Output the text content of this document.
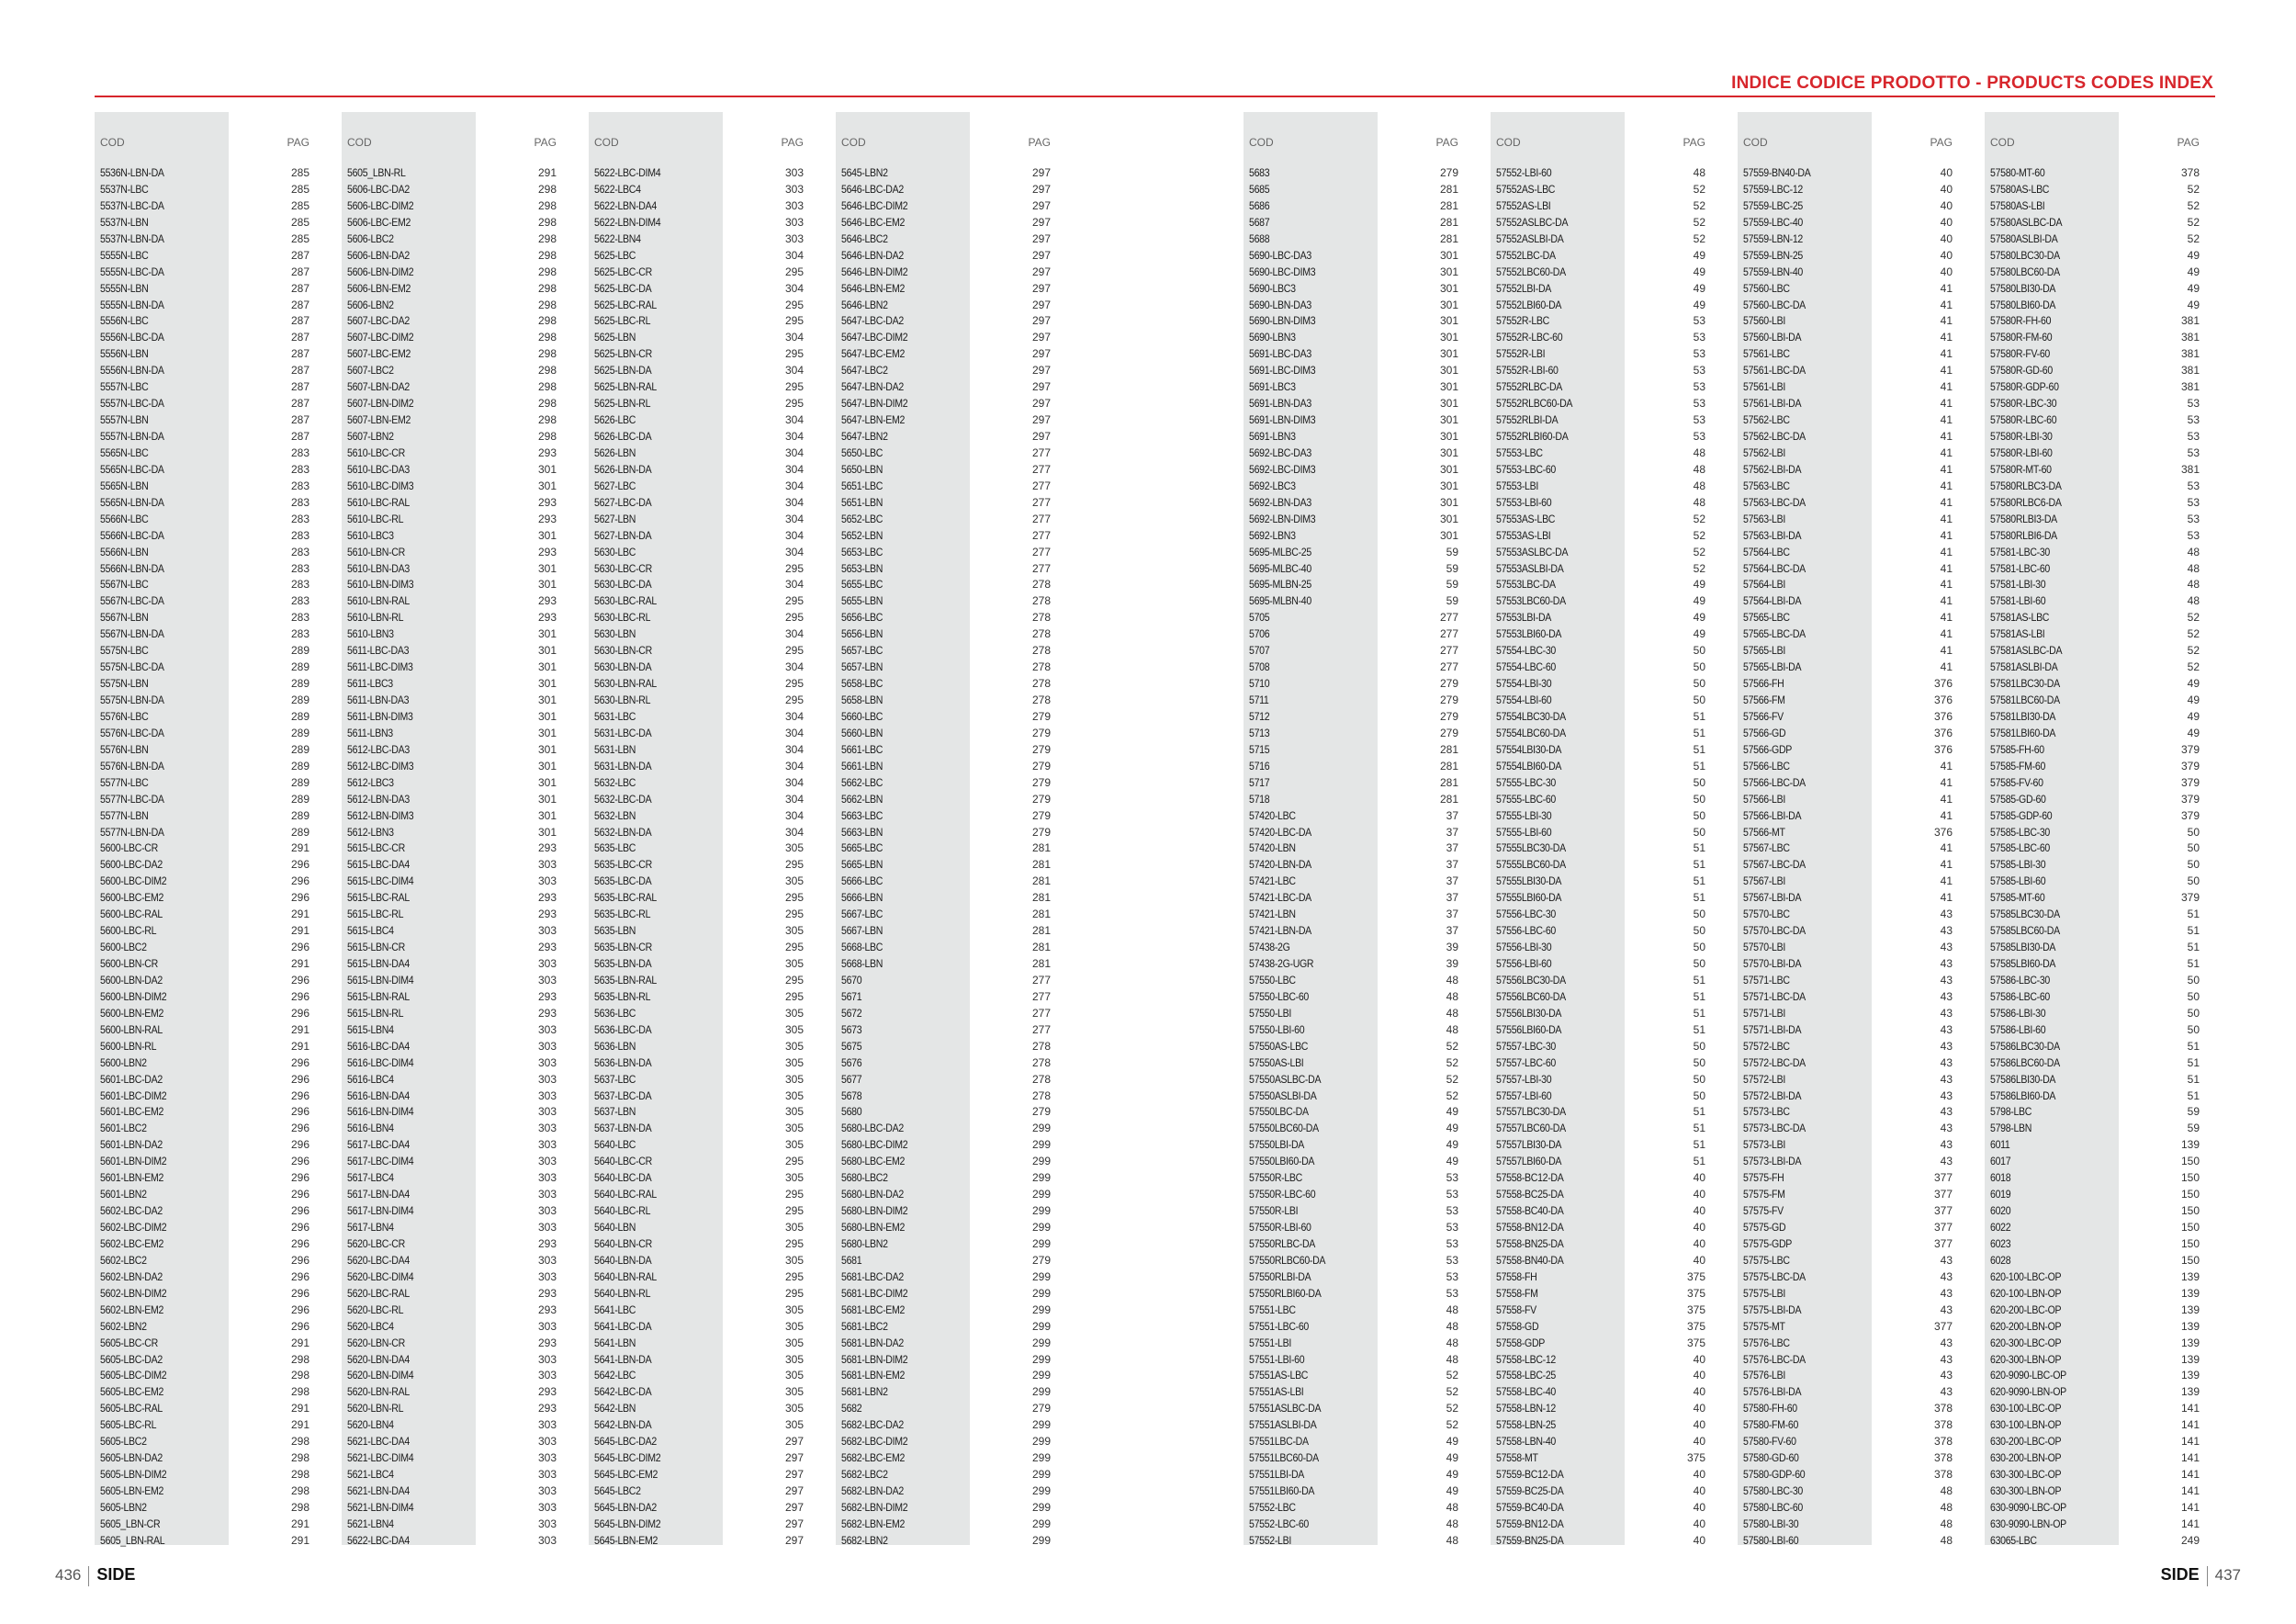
INDICE CODICE PRODOTTO - PRODUCTS CODES INDEX
COD	PAG
5536N-LBN-DA	285
5537N-LBC	285
5537N-LBC-DA	285
5537N-LBN	285
5537N-LBN-DA	285
5555N-LBC	287
5555N-LBC-DA	287
5555N-LBN	287
5555N-LBN-DA	287
5556N-LBC	287
5556N-LBC-DA	287
5556N-LBN	287
5556N-LBN-DA	287
5557N-LBC	287
5557N-LBC-DA	287
5557N-LBN	287
5557N-LBN-DA	287
5565N-LBC	283
5565N-LBC-DA	283
5565N-LBN	283
5565N-LBN-DA	283
5566N-LBC	283
5566N-LBC-DA	283
5566N-LBN	283
5566N-LBN-DA	283
5567N-LBC	283
5567N-LBC-DA	283
5567N-LBN	283
5567N-LBN-DA	283
5575N-LBC	289
5575N-LBC-DA	289
5575N-LBN	289
5575N-LBN-DA	289
5576N-LBC	289
5576N-LBC-DA	289
5576N-LBN	289
5576N-LBN-DA	289
5577N-LBC	289
5577N-LBC-DA	289
5577N-LBN	289
5577N-LBN-DA	289
5600-LBC-CR	291
5600-LBC-DA2	296
5600-LBC-DIM2	296
5600-LBC-EM2	296
5600-LBC-RAL	291
5600-LBC-RL	291
5600-LBC2	296
5600-LBN-CR	291
5600-LBN-DA2	296
5600-LBN-DIM2	296
5600-LBN-EM2	296
5600-LBN-RAL	291
5600-LBN-RL	291
5600-LBN2	296
5601-LBC-DA2	296
5601-LBC-DIM2	296
5601-LBC-EM2	296
5601-LBC2	296
5601-LBN-DA2	296
5601-LBN-DIM2	296
5601-LBN-EM2	296
5601-LBN2	296
5602-LBC-DA2	296
5602-LBC-DIM2	296
5602-LBC-EM2	296
5602-LBC2	296
5602-LBN-DA2	296
5602-LBN-DIM2	296
5602-LBN-EM2	296
5602-LBN2	296
5605-LBC-CR	291
5605-LBC-DA2	298
5605-LBC-DIM2	298
5605-LBC-EM2	298
5605-LBC-RAL	291
5605-LBC-RL	291
5605-LBC2	298
5605-LBN-DA2	298
5605-LBN-DIM2	298
5605-LBN-EM2	298
5605-LBN2	298
5605_LBN-CR	291
5605_LBN-RAL	291
COD	PAG
5605_LBN-RL	291
5606-LBC-DA2	298
5606-LBC-DIM2	298
5606-LBC-EM2	298
5606-LBC2	298
5606-LBN-DA2	298
5606-LBN-DIM2	298
5606-LBN-EM2	298
5606-LBN2	298
5607-LBC-DA2	298
5607-LBC-DIM2	298
5607-LBC-EM2	298
5607-LBC2	298
5607-LBN-DA2	298
5607-LBN-DIM2	298
5607-LBN-EM2	298
5607-LBN2	298
5610-LBC-CR	293
5610-LBC-DA3	301
5610-LBC-DIM3	301
5610-LBC-RAL	293
5610-LBC-RL	293
5610-LBC3	301
5610-LBN-CR	293
5610-LBN-DA3	301
5610-LBN-DIM3	301
5610-LBN-RAL	293
5610-LBN-RL	293
5610-LBN3	301
5611-LBC-DA3	301
5611-LBC-DIM3	301
5611-LBC3	301
5611-LBN-DA3	301
5611-LBN-DIM3	301
5611-LBN3	301
5612-LBC-DA3	301
5612-LBC-DIM3	301
5612-LBC3	301
5612-LBN-DA3	301
5612-LBN-DIM3	301
5612-LBN3	301
5615-LBC-CR	293
5615-LBC-DA4	303
5615-LBC-DIM4	303
5615-LBC-RAL	293
5615-LBC-RL	293
5615-LBC4	303
5615-LBN-CR	293
5615-LBN-DA4	303
5615-LBN-DIM4	303
5615-LBN-RAL	293
5615-LBN-RL	293
5615-LBN4	303
5616-LBC-DA4	303
5616-LBC-DIM4	303
5616-LBC4	303
5616-LBN-DA4	303
5616-LBN-DIM4	303
5616-LBN4	303
5617-LBC-DA4	303
5617-LBC-DIM4	303
5617-LBC4	303
5617-LBN-DA4	303
5617-LBN-DIM4	303
5617-LBN4	303
5620-LBC-CR	293
5620-LBC-DA4	303
5620-LBC-DIM4	303
5620-LBC-RAL	293
5620-LBC-RL	293
5620-LBC4	303
5620-LBN-CR	293
5620-LBN-DA4	303
5620-LBN-DIM4	303
5620-LBN-RAL	293
5620-LBN-RL	293
5620-LBN4	303
5621-LBC-DA4	303
5621-LBC-DIM4	303
5621-LBC4	303
5621-LBN-DA4	303
5621-LBN-DIM4	303
5621-LBN4	303
5622-LBC-DA4	303
COD	PAG
5622-LBC-DIM4	303
5622-LBC4	303
5622-LBN-DA4	303
5622-LBN-DIM4	303
5622-LBN4	303
5625-LBC	304
5625-LBC-CR	295
5625-LBC-DA	304
5625-LBC-RAL	295
5625-LBC-RL	295
5625-LBN	304
5625-LBN-CR	295
5625-LBN-DA	304
5625-LBN-RAL	295
5625-LBN-RL	295
5626-LBC	304
5626-LBC-DA	304
5626-LBN	304
5626-LBN-DA	304
5627-LBC	304
5627-LBC-DA	304
5627-LBN	304
5627-LBN-DA	304
5630-LBC	304
5630-LBC-CR	295
5630-LBC-DA	304
5630-LBC-RAL	295
5630-LBC-RL	295
5630-LBN	304
5630-LBN-CR	295
5630-LBN-DA	304
5630-LBN-RAL	295
5630-LBN-RL	295
5631-LBC	304
5631-LBC-DA	304
5631-LBN	304
5631-LBN-DA	304
5632-LBC	304
5632-LBC-DA	304
5632-LBN	304
5632-LBN-DA	304
5635-LBC	305
5635-LBC-CR	295
5635-LBC-DA	305
5635-LBC-RAL	295
5635-LBC-RL	295
5635-LBN	305
5635-LBN-CR	295
5635-LBN-DA	305
5635-LBN-RAL	295
5635-LBN-RL	295
5636-LBC	305
5636-LBC-DA	305
5636-LBN	305
5636-LBN-DA	305
5637-LBC	305
5637-LBC-DA	305
5637-LBN	305
5637-LBN-DA	305
5640-LBC	305
5640-LBC-CR	295
5640-LBC-DA	305
5640-LBC-RAL	295
5640-LBC-RL	295
5640-LBN	305
5640-LBN-CR	295
5640-LBN-DA	305
5640-LBN-RAL	295
5640-LBN-RL	295
5641-LBC	305
5641-LBC-DA	305
5641-LBN	305
5641-LBN-DA	305
5642-LBC	305
5642-LBC-DA	305
5642-LBN	305
5642-LBN-DA	305
5645-LBC-DA2	297
5645-LBC-DIM2	297
5645-LBC-EM2	297
5645-LBC2	297
5645-LBN-DA2	297
5645-LBN-DIM2	297
5645-LBN-EM2	297
COD	PAG
5645-LBN2	297
5646-LBC-DA2	297
5646-LBC-DIM2	297
5646-LBC-EM2	297
5646-LBC2	297
5646-LBN-DA2	297
5646-LBN-DIM2	297
5646-LBN-EM2	297
5646-LBN2	297
5647-LBC-DA2	297
5647-LBC-DIM2	297
5647-LBC-EM2	297
5647-LBC2	297
5647-LBN-DA2	297
5647-LBN-DIM2	297
5647-LBN-EM2	297
5647-LBN2	297
5650-LBC	277
5650-LBN	277
5651-LBC	277
5651-LBN	277
5652-LBC	277
5652-LBN	277
5653-LBC	277
5653-LBN	277
5655-LBC	278
5655-LBN	278
5656-LBC	278
5656-LBN	278
5657-LBC	278
5657-LBN	278
5658-LBC	278
5658-LBN	278
5660-LBC	279
5660-LBN	279
5661-LBC	279
5661-LBN	279
5662-LBC	279
5662-LBN	279
5663-LBC	279
5663-LBN	279
5665-LBC	281
5665-LBN	281
5666-LBC	281
5666-LBN	281
5667-LBC	281
5667-LBN	281
5668-LBC	281
5668-LBN	281
5670	277
5671	277
5672	277
5673	277
5675	278
5676	278
5677	278
5678	278
5680	279
5680-LBC-DA2	299
5680-LBC-DIM2	299
5680-LBC-EM2	299
5680-LBC2	299
5680-LBN-DA2	299
5680-LBN-DIM2	299
5680-LBN-EM2	299
5680-LBN2	299
5681	279
5681-LBC-DA2	299
5681-LBC-DIM2	299
5681-LBC-EM2	299
5681-LBC2	299
5681-LBN-DA2	299
5681-LBN-DIM2	299
5681-LBN-EM2	299
5681-LBN2	299
5682	279
5682-LBC-DA2	299
5682-LBC-DIM2	299
5682-LBC-EM2	299
5682-LBC2	299
5682-LBN-DA2	299
5682-LBN-DIM2	299
5682-LBN-EM2	299
5682-LBN2	299
COD	PAG
5683	279
5685	281
5686	281
5687	281
5688	281
5690-LBC-DA3	301
5690-LBC-DIM3	301
5690-LBC3	301
5690-LBN-DA3	301
5690-LBN-DIM3	301
5690-LBN3	301
5691-LBC-DA3	301
5691-LBC-DIM3	301
5691-LBC3	301
5691-LBN-DA3	301
5691-LBN-DIM3	301
5691-LBN3	301
5692-LBC-DA3	301
5692-LBC-DIM3	301
5692-LBC3	301
5692-LBN-DA3	301
5692-LBN-DIM3	301
5692-LBN3	301
5695-MLBC-25	59
5695-MLBC-40	59
5695-MLBN-25	59
5695-MLBN-40	59
5705	277
5706	277
5707	277
5708	277
5710	279
5711	279
5712	279
5713	279
5715	281
5716	281
5717	281
5718	281
57420-LBC	37
57420-LBC-DA	37
57420-LBN	37
57420-LBN-DA	37
57421-LBC	37
57421-LBC-DA	37
57421-LBN	37
57421-LBN-DA	37
57438-2G	39
57438-2G-UGR	39
57550-LBC	48
57550-LBC-60	48
57550-LBI	48
57550-LBI-60	48
57550AS-LBC	52
57550AS-LBI	52
57550ASLBC-DA	52
57550ASLBI-DA	52
57550LBC-DA	49
57550LBC60-DA	49
57550LBI-DA	49
57550LBI60-DA	49
57550R-LBC	53
57550R-LBC-60	53
57550R-LBI	53
57550R-LBI-60	53
57550RLBC-DA	53
57550RLBC60-DA	53
57550RLBI-DA	53
57550RLBI60-DA	53
57551-LBC	48
57551-LBC-60	48
57551-LBI	48
57551-LBI-60	48
57551AS-LBC	52
57551AS-LBI	52
57551ASLBC-DA	52
57551ASLBI-DA	52
57551LBC-DA	49
57551LBC60-DA	49
57551LBI-DA	49
57551LBI60-DA	49
57552-LBC	48
57552-LBC-60	48
57552-LBI	48
COD	PAG
57552-LBI-60	48
57552AS-LBC	52
57552AS-LBI	52
57552ASLBC-DA	52
57552ASLBI-DA	52
57552LBC-DA	49
57552LBC60-DA	49
57552LBI-DA	49
57552LBI60-DA	49
57552R-LBC	53
57552R-LBC-60	53
57552R-LBI	53
57552R-LBI-60	53
57552RLBC-DA	53
57552RLBC60-DA	53
57552RLBI-DA	53
57552RLBI60-DA	53
57553-LBC	48
57553-LBC-60	48
57553-LBI	48
57553-LBI-60	48
57553AS-LBC	52
57553AS-LBI	52
57553ASLBC-DA	52
57553ASLBI-DA	52
57553LBC-DA	49
57553LBC60-DA	49
57553LBI-DA	49
57553LBI60-DA	49
57554-LBC-30	50
57554-LBC-60	50
57554-LBI-30	50
57554-LBI-60	50
57554LBC30-DA	51
57554LBC60-DA	51
57554LBI30-DA	51
57554LBI60-DA	51
57555-LBC-30	50
57555-LBC-60	50
57555-LBI-30	50
57555-LBI-60	50
57555LBC30-DA	51
57555LBC60-DA	51
57555LBI30-DA	51
57555LBI60-DA	51
57556-LBC-30	50
57556-LBC-60	50
57556-LBI-30	50
57556-LBI-60	50
57556LBC30-DA	51
57556LBC60-DA	51
57556LBI30-DA	51
57556LBI60-DA	51
57557-LBC-30	50
57557-LBC-60	50
57557-LBI-30	50
57557-LBI-60	50
57557LBC30-DA	51
57557LBC60-DA	51
57557LBI30-DA	51
57557LBI60-DA	51
57558-BC12-DA	40
57558-BC25-DA	40
57558-BC40-DA	40
57558-BN12-DA	40
57558-BN25-DA	40
57558-BN40-DA	40
57558-FH	375
57558-FM	375
57558-FV	375
57558-GD	375
57558-GDP	375
57558-LBC-12	40
57558-LBC-25	40
57558-LBC-40	40
57558-LBN-12	40
57558-LBN-25	40
57558-LBN-40	40
57558-MT	375
57559-BC12-DA	40
57559-BC25-DA	40
57559-BC40-DA	40
57559-BN12-DA	40
57559-BN25-DA	40
COD	PAG
57559-BN40-DA	40
57559-LBC-12	40
57559-LBC-25	40
57559-LBC-40	40
57559-LBN-12	40
57559-LBN-25	40
57559-LBN-40	40
57560-LBC	41
57560-LBC-DA	41
57560-LBI	41
57560-LBI-DA	41
57561-LBC	41
57561-LBC-DA	41
57561-LBI	41
57561-LBI-DA	41
57562-LBC	41
57562-LBC-DA	41
57562-LBI	41
57562-LBI-DA	41
57563-LBC	41
57563-LBC-DA	41
57563-LBI	41
57563-LBI-DA	41
57564-LBC	41
57564-LBC-DA	41
57564-LBI	41
57564-LBI-DA	41
57565-LBC	41
57565-LBC-DA	41
57565-LBI	41
57565-LBI-DA	41
57566-FH	376
57566-FM	376
57566-FV	376
57566-GD	376
57566-GDP	376
57566-LBC	41
57566-LBC-DA	41
57566-LBI	41
57566-LBI-DA	41
57566-MT	376
57567-LBC	41
57567-LBC-DA	41
57567-LBI	41
57567-LBI-DA	41
57570-LBC	43
57570-LBC-DA	43
57570-LBI	43
57570-LBI-DA	43
57571-LBC	43
57571-LBC-DA	43
57571-LBI	43
57571-LBI-DA	43
57572-LBC	43
57572-LBC-DA	43
57572-LBI	43
57572-LBI-DA	43
57573-LBC	43
57573-LBC-DA	43
57573-LBI	43
57573-LBI-DA	43
57575-FH	377
57575-FM	377
57575-FV	377
57575-GD	377
57575-GDP	377
57575-LBC	43
57575-LBC-DA	43
57575-LBI	43
57575-LBI-DA	43
57575-MT	377
57576-LBC	43
57576-LBC-DA	43
57576-LBI	43
57576-LBI-DA	43
57580-FH-60	378
57580-FM-60	378
57580-FV-60	378
57580-GD-60	378
57580-GDP-60	378
57580-LBC-30	48
57580-LBC-60	48
57580-LBI-30	48
57580-LBI-60	48
COD	PAG
57580-MT-60	378
57580AS-LBC	52
57580AS-LBI	52
57580ASLBC-DA	52
57580ASLBI-DA	52
57580LBC30-DA	49
57580LBC60-DA	49
57580LBI30-DA	49
57580LBI60-DA	49
57580R-FH-60	381
57580R-FM-60	381
57580R-FV-60	381
57580R-GD-60	381
57580R-GDP-60	381
57580R-LBC-30	53
57580R-LBC-60	53
57580R-LBI-30	53
57580R-LBI-60	53
57580R-MT-60	381
57580RLBC3-DA	53
57580RLBC6-DA	53
57580RLBI3-DA	53
57580RLBI6-DA	53
57581-LBC-30	48
57581-LBC-60	48
57581-LBI-30	48
57581-LBI-60	48
57581AS-LBC	52
57581AS-LBI	52
57581ASLBC-DA	52
57581ASLBI-DA	52
57581LBC30-DA	49
57581LBC60-DA	49
57581LBI30-DA	49
57581LBI60-DA	49
57585-FH-60	379
57585-FM-60	379
57585-FV-60	379
57585-GD-60	379
57585-GDP-60	379
57585-LBC-30	50
57585-LBC-60	50
57585-LBI-30	50
57585-LBI-60	50
57585-MT-60	379
57585LBC30-DA	51
57585LBC60-DA	51
57585LBI30-DA	51
57585LBI60-DA	51
57586-LBC-30	50
57586-LBC-60	50
57586-LBI-30	50
57586-LBI-60	50
57586LBC30-DA	51
57586LBC60-DA	51
57586LBI30-DA	51
57586LBI60-DA	51
5798-LBC	59
5798-LBN	59
6011	139
6017	150
6018	150
6019	150
6020	150
6022	150
6023	150
6028	150
620-100-LBC-OP	139
620-100-LBN-OP	139
620-200-LBC-OP	139
620-200-LBN-OP	139
620-300-LBC-OP	139
620-300-LBN-OP	139
620-9090-LBC-OP	139
620-9090-LBN-OP	139
630-100-LBC-OP	141
630-100-LBN-OP	141
630-200-LBC-OP	141
630-200-LBN-OP	141
630-300-LBC-OP	141
630-300-LBN-OP	141
630-9090-LBC-OP	141
630-9090-LBN-OP	141
63065-LBC	249
436 SIDE	SIDE 437
